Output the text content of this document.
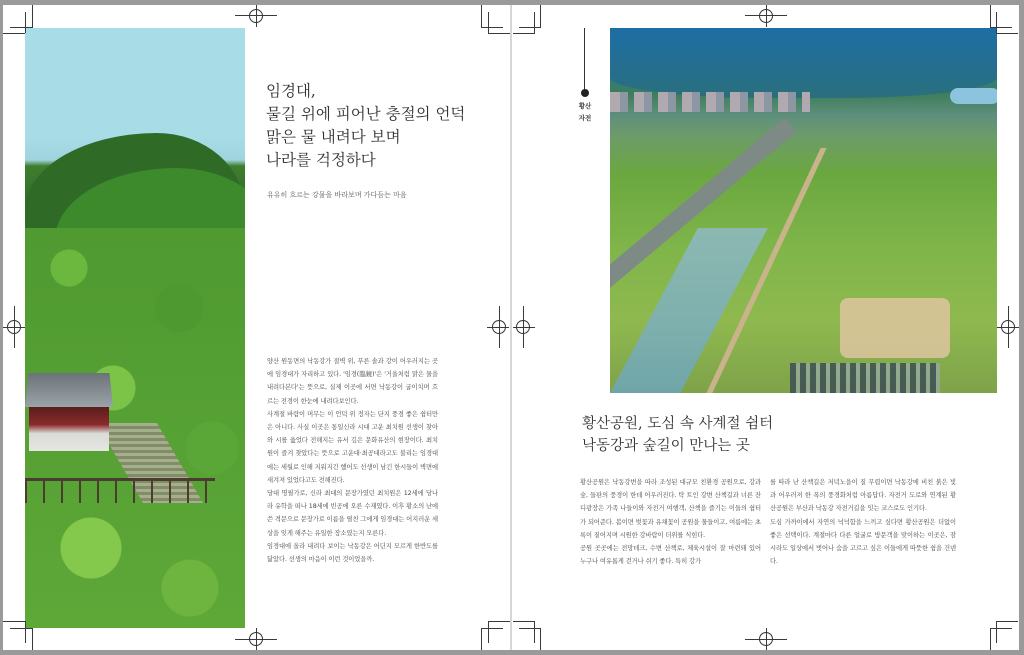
임경대,
물길 위에 피어난 충절의 언덕
맑은 물 내려다 보며
나라를 걱정하다
유유히 흐르는 강물을 바라보며 가다듬는 마음

양산 원동면의 낙동강가 절벽 위, 푸른 솔과 강이 어우러지는 곳에 임경대가 자리하고 있다. '임경(臨鏡)'은 '거울처럼 맑은 물을 내려다본다'는 뜻으로, 실제 이곳에 서면 낙동강이 굽이치며 흐르는 전경이 한눈에 내려다보인다.

사계절 바람이 머무는 이 언덕 위 정자는 단지 풍경 좋은 쉼터만은 아니다. 사실 이곳은 통일신라 시대 고운 최치원 선생이 찾아와 시를 읊었다 전해지는 유서 깊은 문화유산의 현장이다. 최치원이 즐겨 찾았다는 뜻으로 고운대·최공대라고도 불리는 임경대에는 세월로 인해 지워지긴 했어도 선생이 남긴 한시들이 벽면에 새겨져 있었다고도 전해진다.

당대 명필가로, 신라 최대의 문장가였던 최치원은 12세에 당나라 유학을 떠나 18세에 빈공에 오른 수재였다. 이후 황소의 난에 쓴 격문으로 문장가로 이름을 떨친 그에게 임경대는 어지러운 세상을 잊게 해주는 유일한 장소였는지 모른다.

임경대에 올라 내려다 보이는 낙동강은 어딘지 모르게 한반도를 닮았다. 선생의 마음이 이런 것이었을까.

황산
자전
황산공원, 도심 속 사계절 쉼터
낙동강과 숲길이 만나는 곳

황산공원은 낙동강변을 따라 조성된 대규모 친환경 공원으로, 강과 숲, 들판의 풍경이 한데 어우러진다. 탁 트인 강변 산책길과 너른 잔디광장은 가족 나들이와 자전거 여행객, 산책을 즐기는 이들의 쉼터가 되어준다. 봄이면 벚꽃과 유채꽃이 공원을 물들이고, 여름에는 초록이 짙어지며 시원한 강바람이 더위를 식힌다.

공원 곳곳에는 전망데크, 수변 산책로, 체육시설이 잘 마련돼 있어 누구나 여유롭게 걷거나 쉬기 좋다. 특히 강가

를 따라 난 산책길은 저녁노을이 질 무렵이면 낙동강에 비친 붉은 빛과 어우러져 한 폭의 풍경화처럼 아름답다. 자전거 도로와 연계된 황산공원은 부산과 낙동강 자전거길을 잇는 코스로도 인기다.

도심 가까이에서 자연의 넉넉함을 느끼고 싶다면 황산공원은 더없이 좋은 선택이다. 계절마다 다른 얼굴로 방문객을 맞이하는 이곳은, 잠시라도 일상에서 벗어나 숨을 고르고 싶은 이들에게 따뜻한 쉼을 건넨다.
